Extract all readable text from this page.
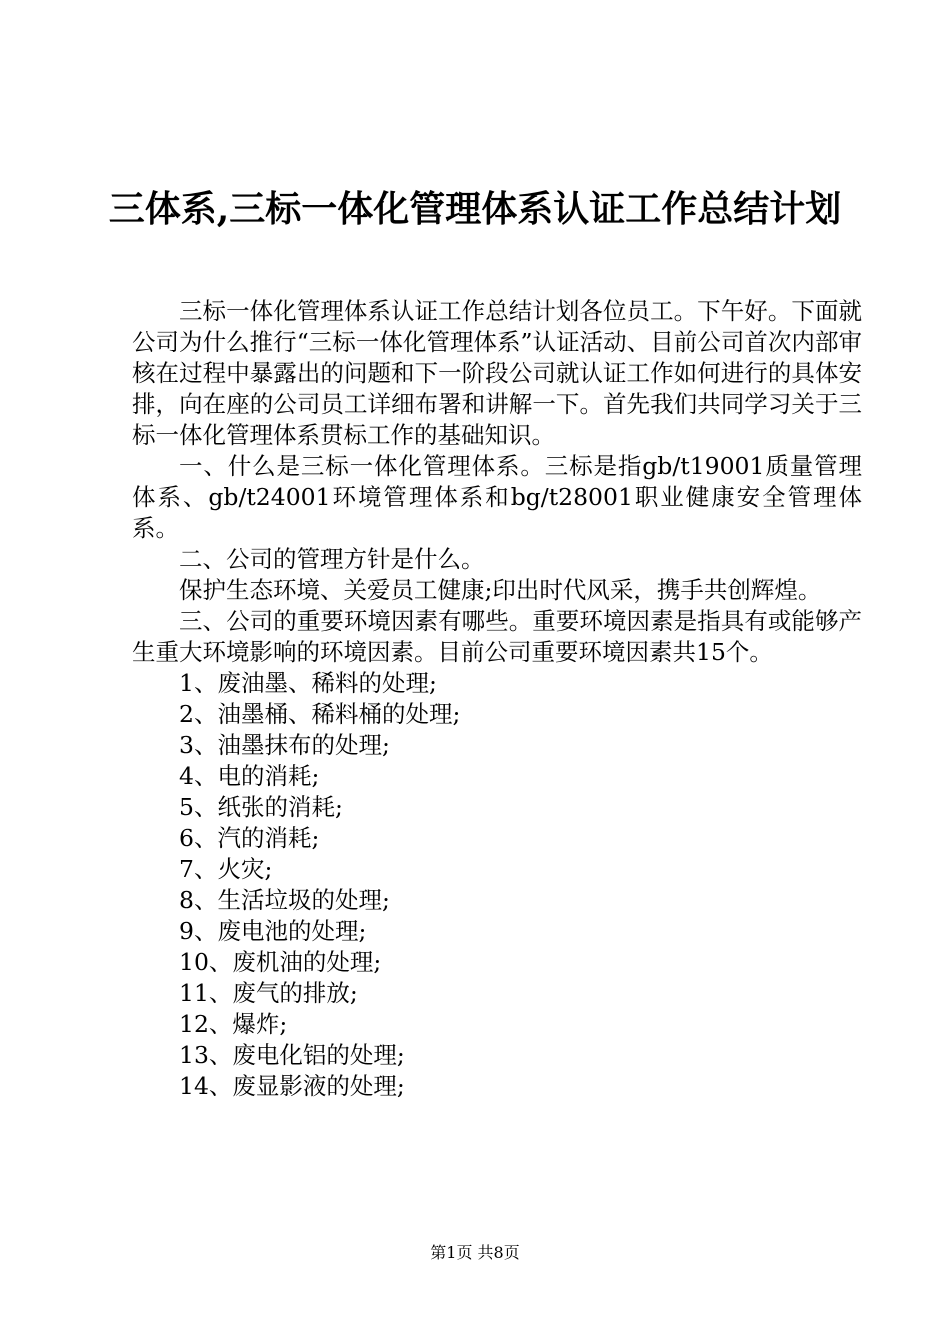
三体系,三标一体化管理体系认证工作总结计划

三标一体化管理体系认证工作总结计划各位员工。下午好。下面就公司为什么推行“三标一体化管理体系”认证活动、目前公司首次内部审核在过程中暴露出的问题和下一阶段公司就认证工作如何进行的具体安排，向在座的公司员工详细布署和讲解一下。首先我们共同学习关于三标一体化管理体系贯标工作的基础知识。

一、什么是三标一体化管理体系。三标是指gb/t19001质量管理体系、gb/t24001环境管理体系和bg/t28001职业健康安全管理体系。

二、公司的管理方针是什么。

保护生态环境、关爱员工健康;印出时代风采，携手共创辉煌。

三、公司的重要环境因素有哪些。重要环境因素是指具有或能够产生重大环境影响的环境因素。目前公司重要环境因素共15个。

1、废油墨、稀料的处理;

2、油墨桶、稀料桶的处理;

3、油墨抹布的处理;

4、电的消耗;

5、纸张的消耗;

6、汽的消耗;

7、火灾;

8、生活垃圾的处理;

9、废电池的处理;

10、废机油的处理;

11、废气的排放;

12、爆炸;

13、废电化铝的处理;

14、废显影液的处理;

第1页 共8页
